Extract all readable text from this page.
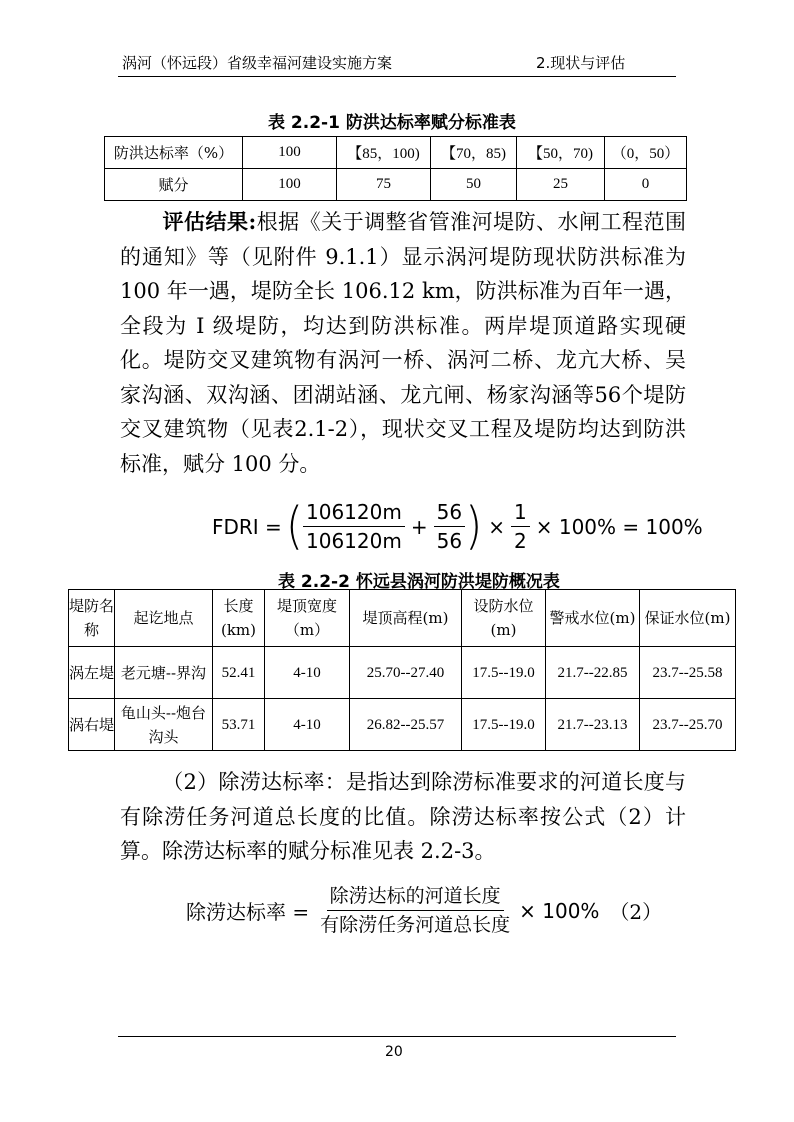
涡河（怀远段）省级幸福河建设实施方案	2.现状与评估
表 2.2-1 防洪达标率赋分标准表
防洪达标率（%）	100	【85，100)	【70，85)	【50，70)	（0，50）
赋分	100	75	50	25	0
评估结果:根据《关于调整省管淮河堤防、水闸工程范围的通知》等（见附件 9.1.1）显示涡河堤防现状防洪标准为 100 年一遇，堤防全长 106.12 km，防洪标准为百年一遇，全段为 I 级堤防，均达到防洪标准。两岸堤顶道路实现硬化。堤防交叉建筑物有涡河一桥、涡河二桥、龙亢大桥、吴家沟涵、双沟涵、团湖站涵、龙亢闸、杨家沟涵等56个堤防交叉建筑物（见表2.1-2），现状交叉工程及堤防均达到防洪标准，赋分 100 分。
FDRI = ( $\frac{106120m}{106120m} + \frac{56}{56}$ ) × $\frac{1}{2} \times 100\% = 100\%$
表 2.2-2 怀远县涡河防洪堤防概况表
堤防名称	起讫地点	长度(km)	堤顶宽度（m）	堤顶高程(m)	设防水位(m)	警戒水位(m)	保证水位(m)
涡左堤	老元塘--界沟	52.41	4-10	25.70--27.40	17.5--19.0	21.7--22.85	23.7--25.58
涡右堤	龟山头--炮台沟头	53.71	4-10	26.82--25.57	17.5--19.0	21.7--23.13	23.7--25.70
（2）除涝达标率：是指达到除涝标准要求的河道长度与有除涝任务河道总长度的比值。除涝达标率按公式（2）计算。除涝达标率的赋分标准见表 2.2-3。
除涝达标率 = $\frac{\text{除涝达标的河道长度}}{\text{有除涝任务河道总长度}} \times 100\%$ （2）
20
